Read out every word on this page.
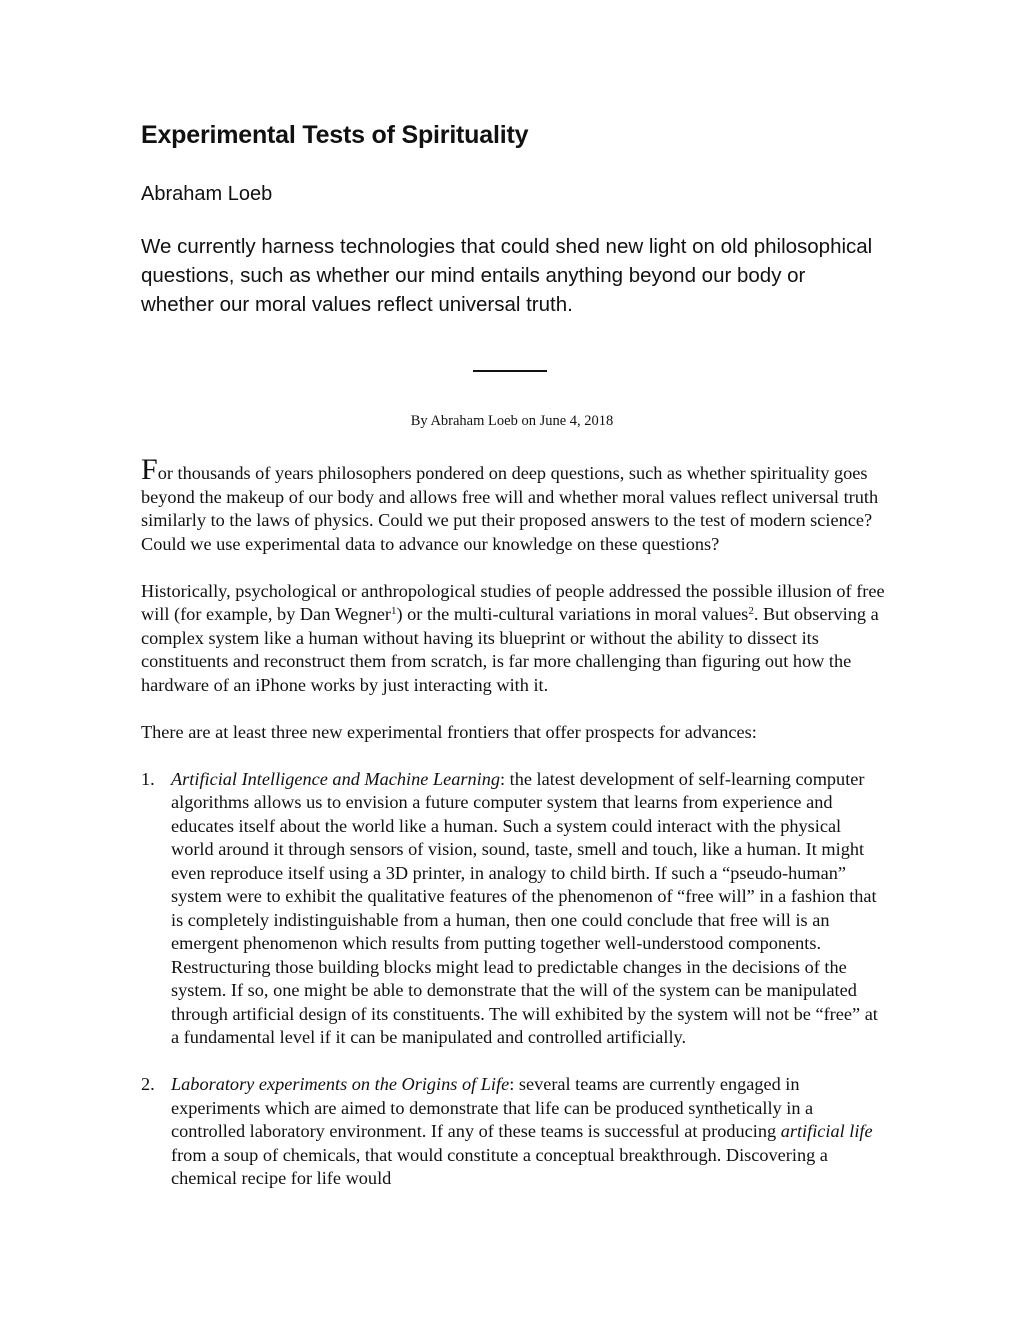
Experimental Tests of Spirituality
Abraham Loeb

We currently harness technologies that could shed new light on old philosophical questions, such as whether our mind entails anything beyond our body or whether our moral values reflect universal truth.

By Abraham Loeb on June 4, 2018

For thousands of years philosophers pondered on deep questions, such as whether spirituality goes beyond the makeup of our body and allows free will and whether moral values reflect universal truth similarly to the laws of physics. Could we put their proposed answers to the test of modern science? Could we use experimental data to advance our knowledge on these questions?

Historically, psychological or anthropological studies of people addressed the possible illusion of free will (for example, by Dan Wegner$^1$) or the multi-cultural variations in moral values$^2$. But observing a complex system like a human without having its blueprint or without the ability to dissect its constituents and reconstruct them from scratch, is far more challenging than figuring out how the hardware of an iPhone works by just interacting with it.

There are at least three new experimental frontiers that offer prospects for advances:

1. Artificial Intelligence and Machine Learning: the latest development of self-learning computer algorithms allows us to envision a future computer system that learns from experience and educates itself about the world like a human. Such a system could interact with the physical world around it through sensors of vision, sound, taste, smell and touch, like a human. It might even reproduce itself using a 3D printer, in analogy to child birth. If such a “pseudo-human” system were to exhibit the qualitative features of the phenomenon of “free will” in a fashion that is completely indistinguishable from a human, then one could conclude that free will is an emergent phenomenon which results from putting together well-understood components. Restructuring those building blocks might lead to predictable changes in the decisions of the system. If so, one might be able to demonstrate that the will of the system can be manipulated through artificial design of its constituents. The will exhibited by the system will not be “free” at a fundamental level if it can be manipulated and controlled artificially.
2. Laboratory experiments on the Origins of Life: several teams are currently engaged in experiments which are aimed to demonstrate that life can be produced synthetically in a controlled laboratory environment. If any of these teams is successful at producing artificial life from a soup of chemicals, that would constitute a conceptual breakthrough. Discovering a chemical recipe for life would
